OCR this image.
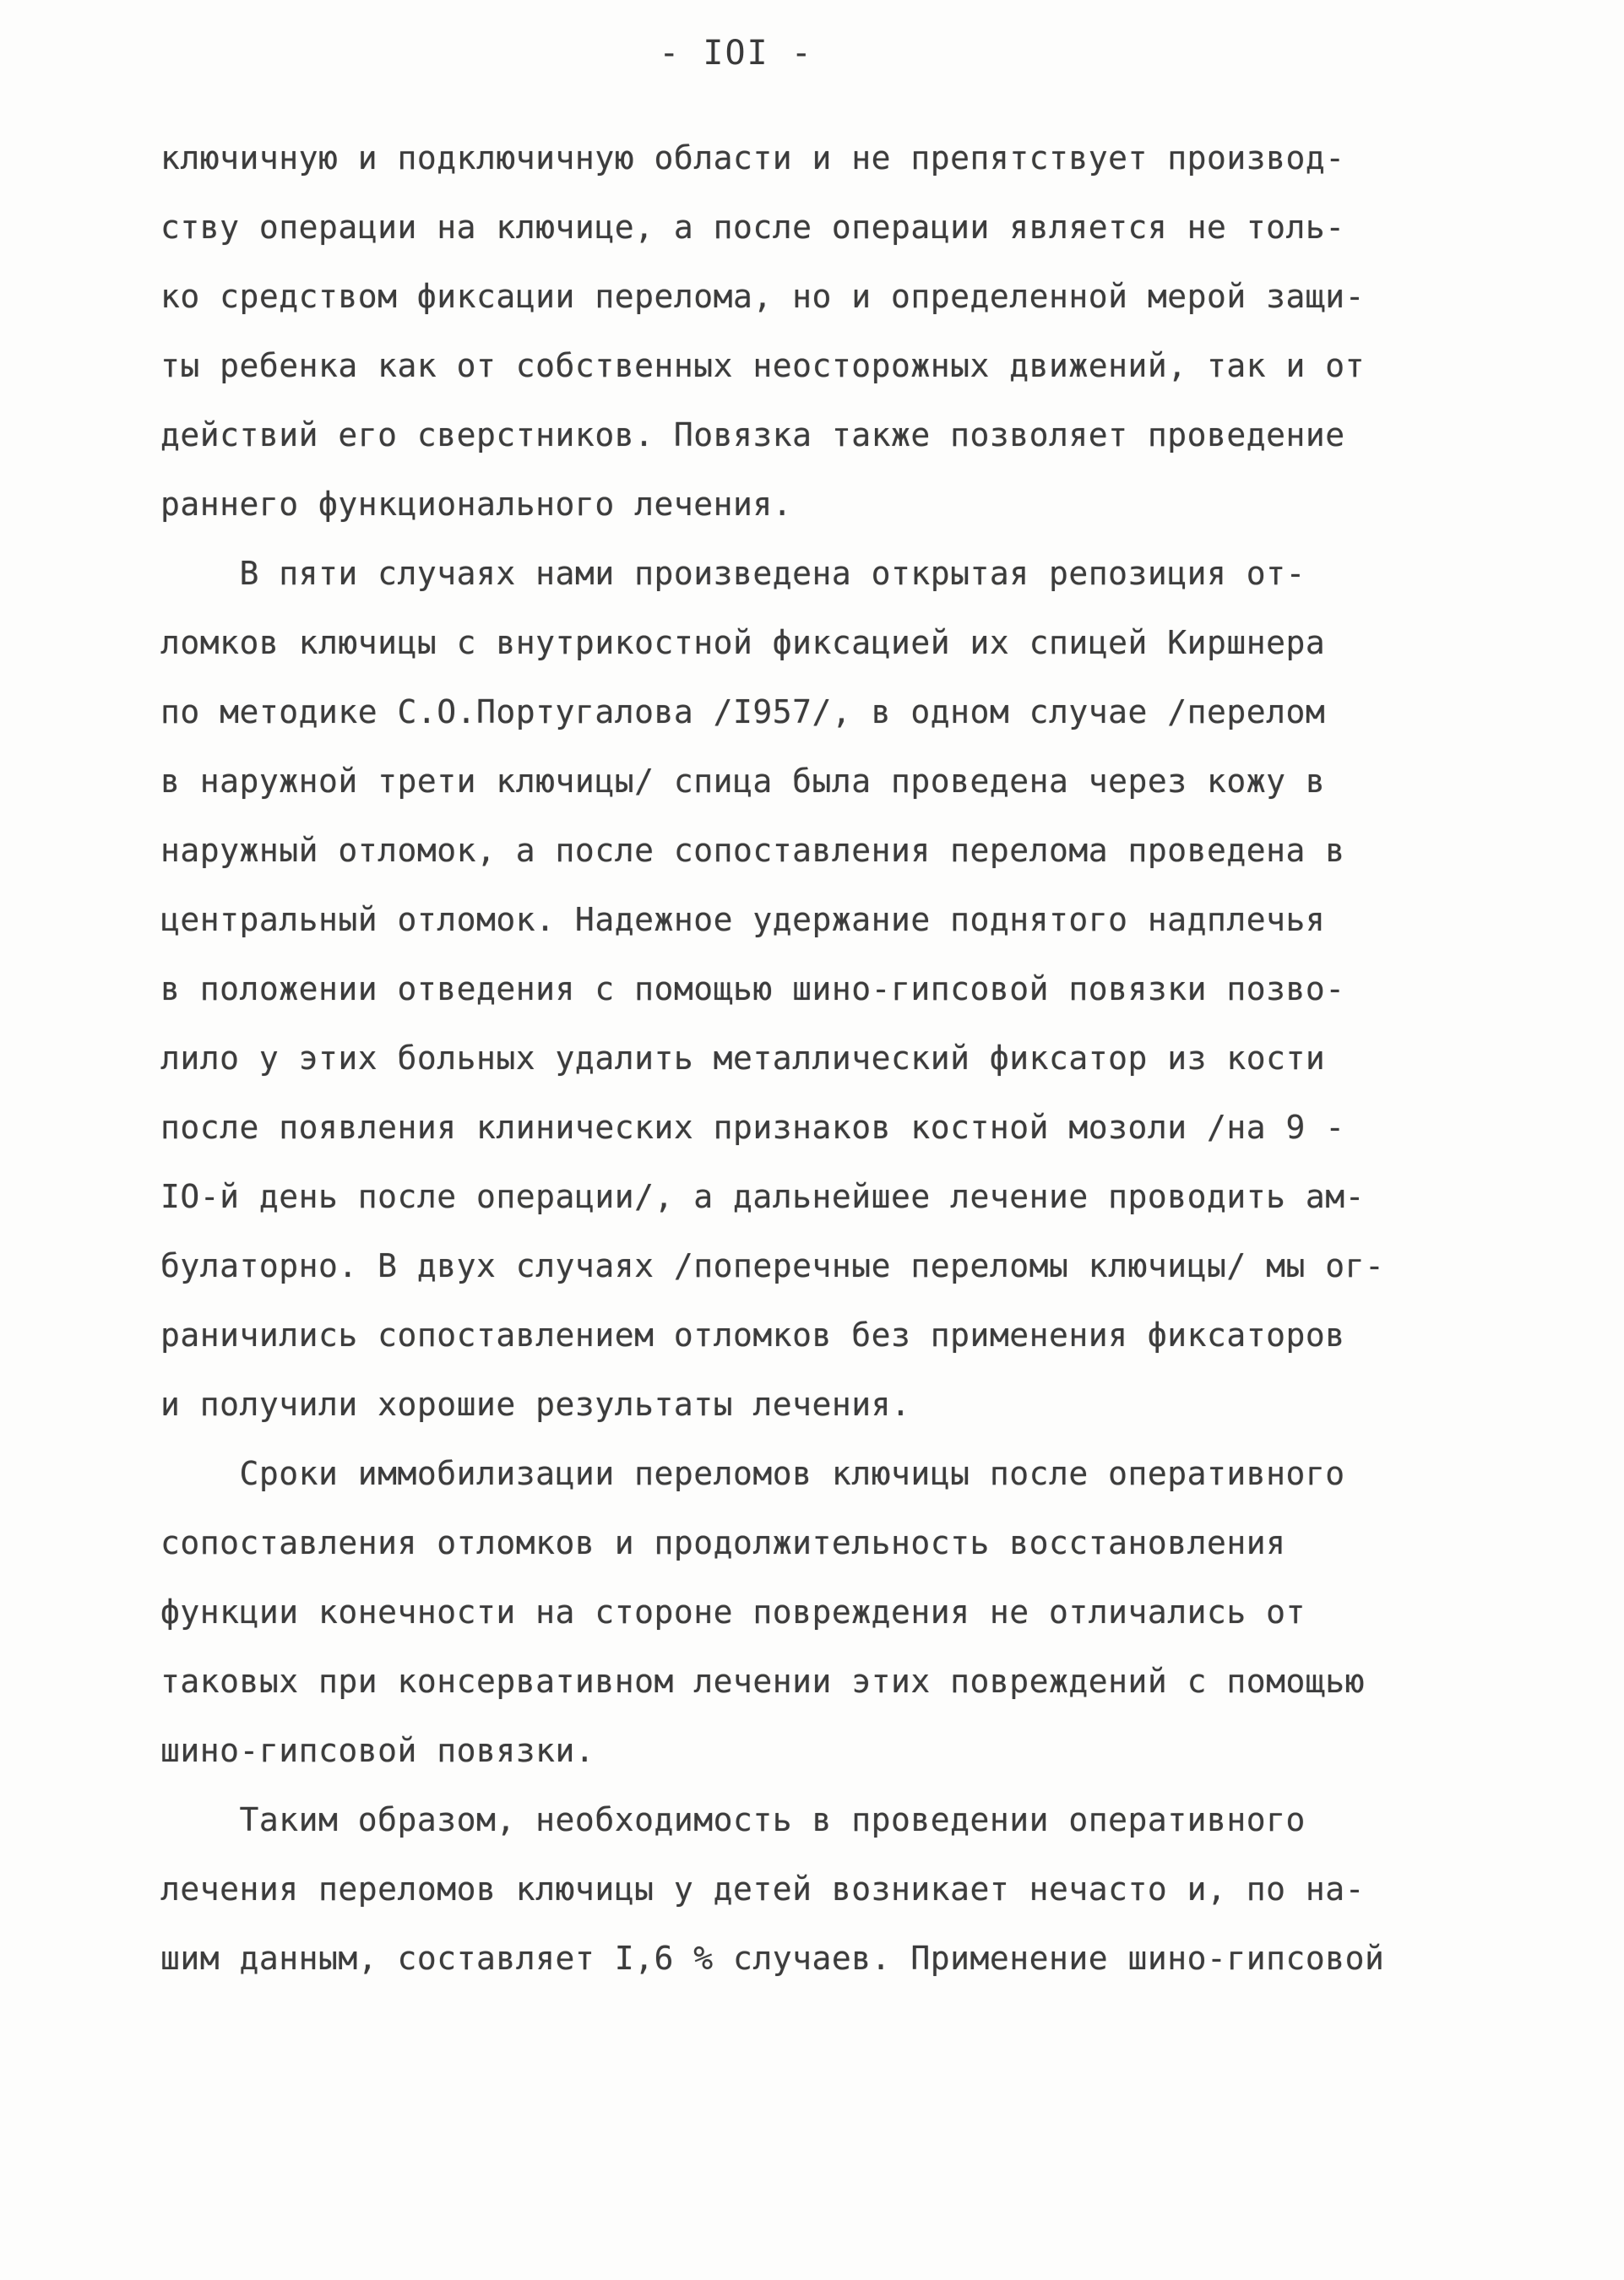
- IOI -
ключичную и подключичную области и не препятствует производ-
ству операции на ключице, а после операции является не толь-
ко средством фиксации перелома, но и определенной мерой защи-
ты ребенка как от собственных неосторожных движений, так и от
действий его сверстников. Повязка также позволяет проведение
раннего функционального лечения.
В пяти случаях нами произведена открытая репозиция от-
ломков ключицы с внутрикостной фиксацией их спицей Киршнера
по методике С.О.Португалова /I957/, в одном случае /перелом
в наружной трети ключицы/ спица была проведена через кожу в
наружный отломок, а после сопоставления перелома проведена в
центральный отломок. Надежное удержание поднятого надплечья
в положении отведения с помощью шино-гипсовой повязки позво-
лило у этих больных удалить металлический фиксатор из кости
после появления клинических признаков костной мозоли /на 9 -
IO-й день после операции/, а дальнейшее лечение проводить ам-
булаторно. В двух случаях /поперечные переломы ключицы/ мы ог-
раничились сопоставлением отломков без применения фиксаторов
и получили хорошие результаты лечения.
Сроки иммобилизации переломов ключицы после оперативного
сопоставления отломков и продолжительность восстановления
функции конечности на стороне повреждения не отличались от
таковых при консервативном лечении этих повреждений с помощью
шино-гипсовой повязки.
Таким образом, необходимость в проведении оперативного
лечения переломов ключицы у детей возникает нечасто и, по на-
шим данным, составляет I,6 % случаев. Применение шино-гипсовой
